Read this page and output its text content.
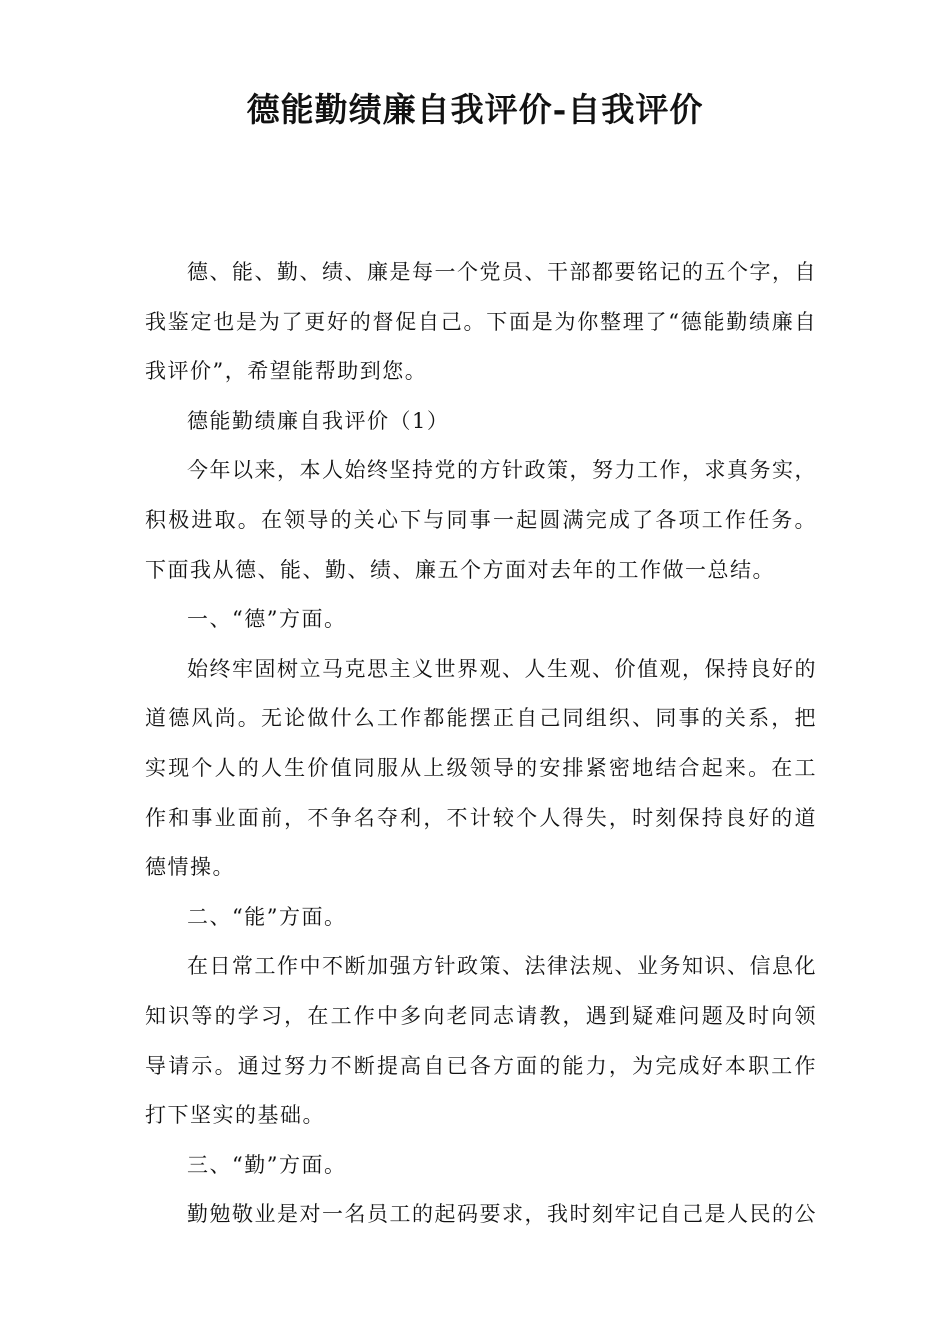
德能勤绩廉自我评价-自我评价

德、能、勤、绩、廉是每一个党员、干部都要铭记的五个字，自我鉴定也是为了更好的督促自己。下面是为你整理了“德能勤绩廉自我评价”，希望能帮助到您。

德能勤绩廉自我评价（1）

今年以来，本人始终坚持党的方针政策，努力工作，求真务实，积极进取。在领导的关心下与同事一起圆满完成了各项工作任务。下面我从德、能、勤、绩、廉五个方面对去年的工作做一总结。

一、“德”方面。

始终牢固树立马克思主义世界观、人生观、价值观，保持良好的道德风尚。无论做什么工作都能摆正自己同组织、同事的关系，把实现个人的人生价值同服从上级领导的安排紧密地结合起来。在工作和事业面前，不争名夺利，不计较个人得失，时刻保持良好的道德情操。

二、“能”方面。

在日常工作中不断加强方针政策、法律法规、业务知识、信息化知识等的学习，在工作中多向老同志请教，遇到疑难问题及时向领导请示。通过努力不断提高自已各方面的能力，为完成好本职工作打下坚实的基础。

三、“勤”方面。

勤勉敬业是对一名员工的起码要求，我时刻牢记自己是人民的公
